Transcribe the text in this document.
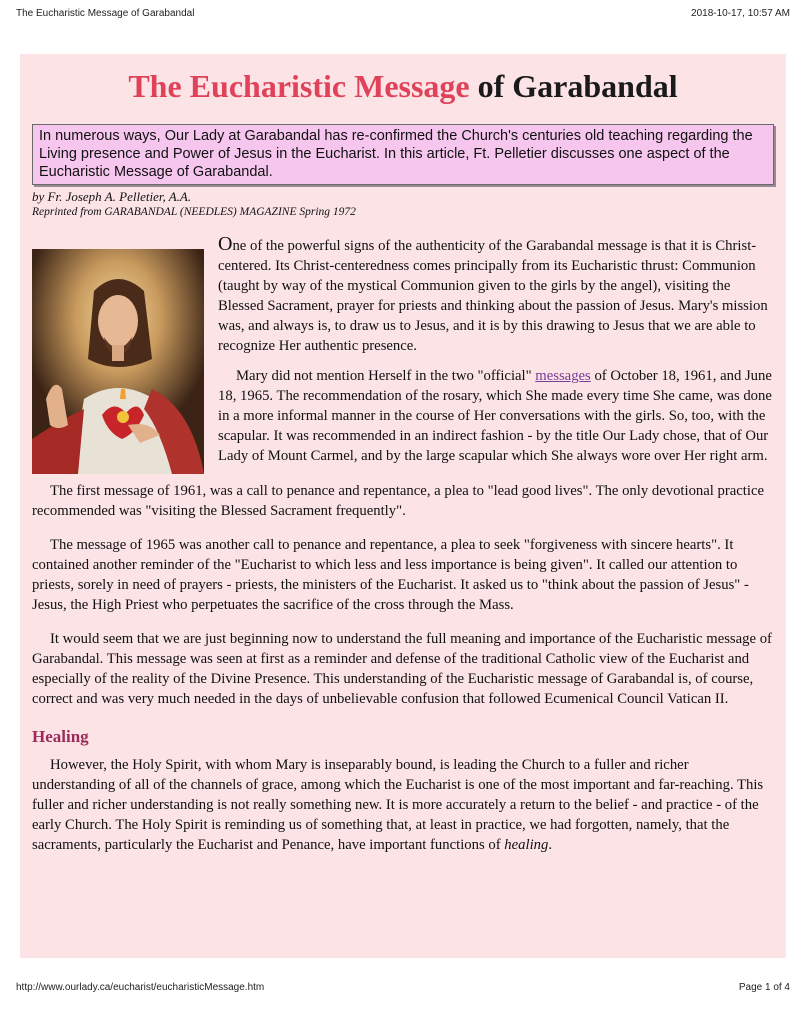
The Eucharistic Message of Garabandal	2018-10-17, 10:57 AM
The Eucharistic Message of Garabandal
In numerous ways, Our Lady at Garabandal has re-confirmed the Church's centuries old teaching regarding the Living presence and Power of Jesus in the Eucharist. In this article, Ft. Pelletier discusses one aspect of the Eucharistic Message of Garabandal.

by Fr. Joseph A. Pelletier, A.A.

Reprinted from GARABANDAL (NEEDLES) MAGAZINE Spring 1972

One of the powerful signs of the authenticity of the Garabandal message is that it is Christ-centered. Its Christ-centeredness comes principally from its Eucharistic thrust: Communion (taught by way of the mystical Communion given to the girls by the angel), visiting the Blessed Sacrament, prayer for priests and thinking about the passion of Jesus. Mary's mission was, and always is, to draw us to Jesus, and it is by this drawing to Jesus that we are able to recognize Her authentic presence.

Mary did not mention Herself in the two "official" messages of October 18, 1961, and June 18, 1965. The recommendation of the rosary, which She made every time She came, was done in a more informal manner in the course of Her conversations with the girls. So, too, with the scapular. It was recommended in an indirect fashion - by the title Our Lady chose, that of Our Lady of Mount Carmel, and by the large scapular which She always wore over Her right arm.

The first message of 1961, was a call to penance and repentance, a plea to "lead good lives". The only devotional practice recommended was "visiting the Blessed Sacrament frequently".

The message of 1965 was another call to penance and repentance, a plea to seek "forgiveness with sincere hearts". It contained another reminder of the "Eucharist to which less and less importance is being given". It called our attention to priests, sorely in need of prayers - priests, the ministers of the Eucharist. It asked us to "think about the passion of Jesus" - Jesus, the High Priest who perpetuates the sacrifice of the cross through the Mass.

It would seem that we are just beginning now to understand the full meaning and importance of the Eucharistic message of Garabandal. This message was seen at first as a reminder and defense of the traditional Catholic view of the Eucharist and especially of the reality of the Divine Presence. This understanding of the Eucharistic message of Garabandal is, of course, correct and was very much needed in the days of unbelievable confusion that followed Ecumenical Council Vatican II.

Healing

However, the Holy Spirit, with whom Mary is inseparably bound, is leading the Church to a fuller and richer understanding of all of the channels of grace, among which the Eucharist is one of the most important and far-reaching. This fuller and richer understanding is not really something new. It is more accurately a return to the belief - and practice - of the early Church. The Holy Spirit is reminding us of something that, at least in practice, we had forgotten, namely, that the sacraments, particularly the Eucharist and Penance, have important functions of healing.

http://www.ourlady.ca/eucharist/eucharisticMessage.htm	Page 1 of 4
